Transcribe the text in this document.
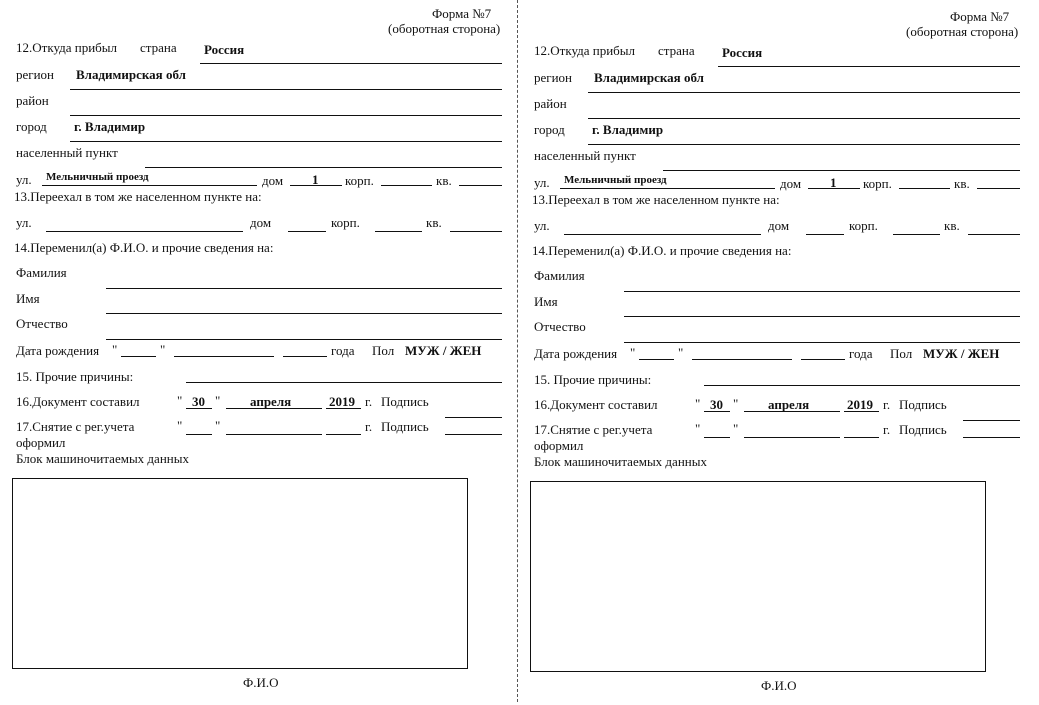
Форма №7
(оборотная сторона)
12.Откуда прибыл страна Россия
регион Владимирская обл
район
город г. Владимир
населенный пункт
ул. Мельничный проезд	дом 1 корп.	кв.
13.Переехал в том же населенном пункте на:
ул.	дом	корп.	кв.
14.Переменил(а) Ф.И.О. и прочие сведения на:
Фамилия
Имя
Отчество
Дата рождения "	"	года Пол МУЖ / ЖЕН
15. Прочие причины:
16.Документ составил	" 30 " апреля	2019 г. Подпись
17.Снятие с рег.учета	"	"	г. Подпись
оформил
Блок машиночитаемых данных
Ф.И.О
Форма №7
(оборотная сторона)
12.Откуда прибыл страна Россия
регион Владимирская обл
район
город г. Владимир
населенный пункт
ул. Мельничный проезд	дом 1 корп.	кв.
13.Переехал в том же населенном пункте на:
ул.	дом	корп.	кв.
14.Переменил(а) Ф.И.О. и прочие сведения на:
Фамилия
Имя
Отчество
Дата рождения "	"	года Пол МУЖ / ЖЕН
15. Прочие причины:
16.Документ составил	" 30 " апреля	2019 г. Подпись
17.Снятие с рег.учета	"	"	г. Подпись
оформил
Блок машиночитаемых данных
Ф.И.О
